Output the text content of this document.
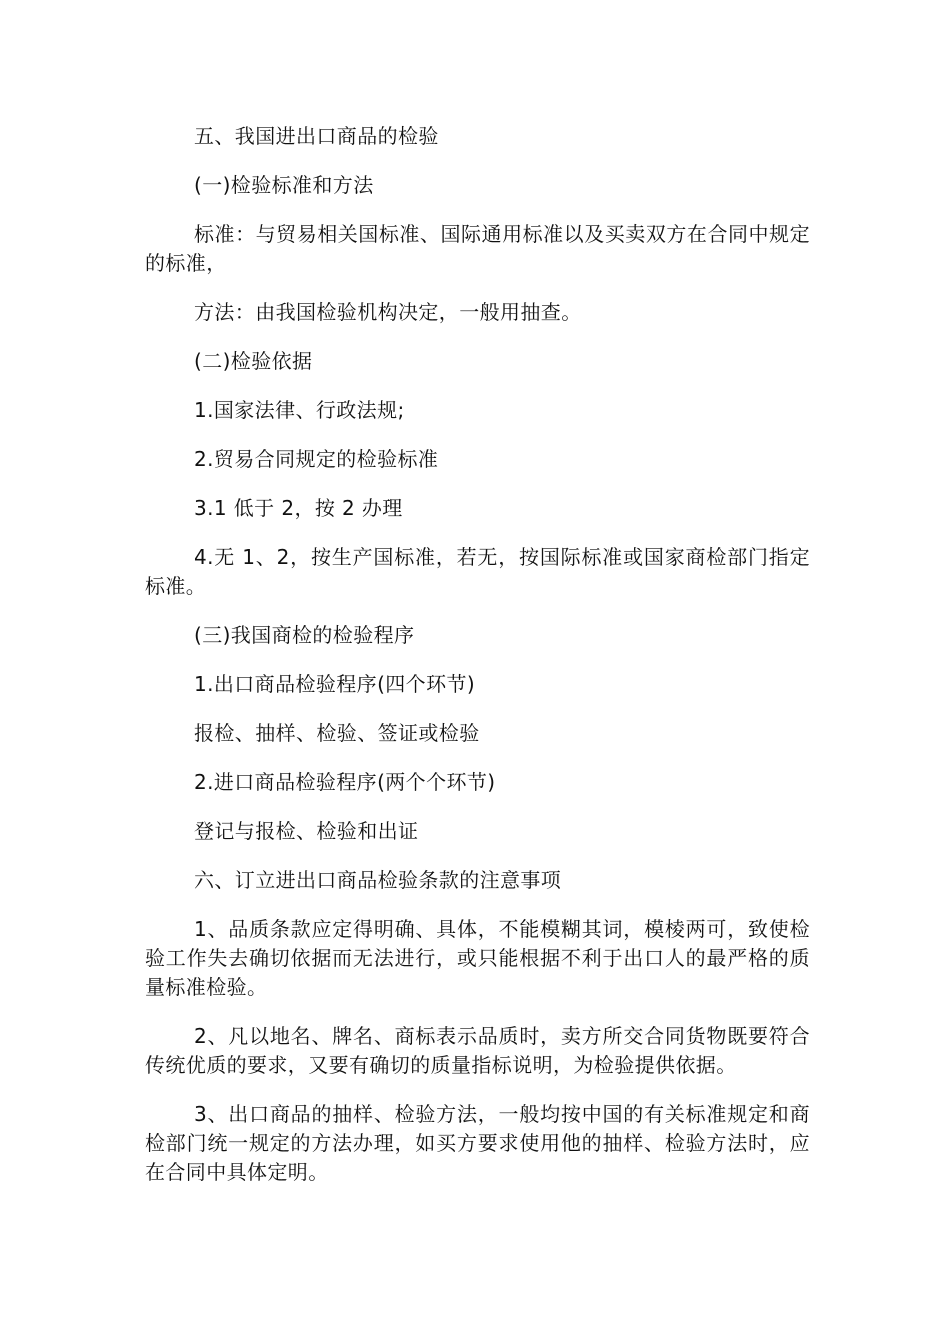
五、我国进出口商品的检验

(一)检验标准和方法

标准：与贸易相关国标准、国际通用标准以及买卖双方在合同中规定的标准，

方法：由我国检验机构决定，一般用抽查。

(二)检验依据

1.国家法律、行政法规;

2.贸易合同规定的检验标准

3.1 低于 2，按 2 办理

4.无 1、2，按生产国标准，若无，按国际标准或国家商检部门指定标准。

(三)我国商检的检验程序

1.出口商品检验程序(四个环节)

报检、抽样、检验、签证或检验

2.进口商品检验程序(两个个环节)

登记与报检、检验和出证

六、订立进出口商品检验条款的注意事项

1、品质条款应定得明确、具体，不能模糊其词，模棱两可，致使检验工作失去确切依据而无法进行，或只能根据不利于出口人的最严格的质量标准检验。

2、凡以地名、牌名、商标表示品质时，卖方所交合同货物既要符合传统优质的要求，又要有确切的质量指标说明，为检验提供依据。

3、出口商品的抽样、检验方法，一般均按中国的有关标准规定和商检部门统一规定的方法办理，如买方要求使用他的抽样、检验方法时，应在合同中具体定明。
